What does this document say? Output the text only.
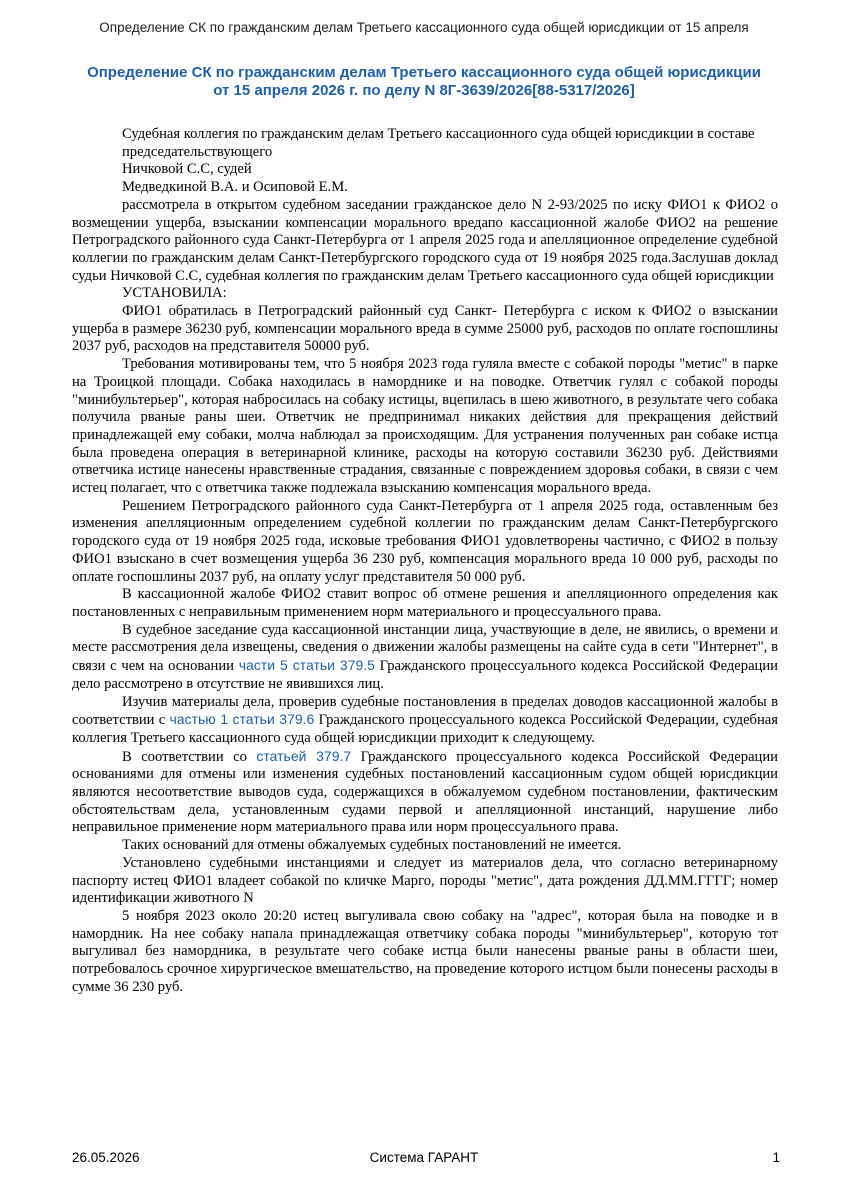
Определение СК по гражданским делам Третьего кассационного суда общей юрисдикции от 15 апреля
Определение СК по гражданским делам Третьего кассационного суда общей юрисдикции
от 15 апреля 2026 г. по делу N 8Г-3639/2026[88-5317/2026]

Судебная коллегия по гражданским делам Третьего кассационного суда общей юрисдикции в составе

председательствующего

Ничковой С.С, судей

Медведкиной В.А. и Осиповой Е.М.

рассмотрела в открытом судебном заседании гражданское дело N 2-93/2025 по иску ФИО1 к ФИО2 о возмещении ущерба, взыскании компенсации морального вредапо кассационной жалобе ФИО2 на решение Петроградского районного суда Санкт-Петербурга от 1 апреля 2025 года и апелляционное определение судебной коллегии по гражданским делам Санкт-Петербургского городского суда от 19 ноября 2025 года.Заслушав доклад судьи Ничковой С.С, судебная коллегия по гражданским делам Третьего кассационного суда общей юрисдикции

УСТАНОВИЛА:

ФИО1 обратилась в Петроградский районный суд Санкт- Петербурга с иском к ФИО2 о взыскании ущерба в размере 36230 руб, компенсации морального вреда в сумме 25000 руб, расходов по оплате госпошлины 2037 руб, расходов на представителя 50000 руб.

Требования мотивированы тем, что 5 ноября 2023 года гуляла вместе с собакой породы "метис" в парке на Троицкой площади. Собака находилась в наморднике и на поводке. Ответчик гулял с собакой породы "минибультерьер", которая набросилась на собаку истицы, вцепилась в шею животного, в результате чего собака получила рваные раны шеи. Ответчик не предпринимал никаких действия для прекращения действий принадлежащей ему собаки, молча наблюдал за происходящим. Для устранения полученных ран собаке истца была проведена операция в ветеринарной клинике, расходы на которую составили 36230 руб. Действиями ответчика истице нанесены нравственные страдания, связанные с повреждением здоровья собаки, в связи с чем истец полагает, что с ответчика также подлежала взысканию компенсация морального вреда.

Решением Петроградского районного суда Санкт-Петербурга от 1 апреля 2025 года, оставленным без изменения апелляционным определением судебной коллегии по гражданским делам Санкт-Петербургского городского суда от 19 ноября 2025 года, исковые требования ФИО1 удовлетворены частично, с ФИО2 в пользу ФИО1 взыскано в счет возмещения ущерба 36 230 руб, компенсация морального вреда 10 000 руб, расходы по оплате госпошлины 2037 руб, на оплату услуг представителя 50 000 руб.

В кассационной жалобе ФИО2 ставит вопрос об отмене решения и апелляционного определения как постановленных с неправильным применением норм материального и процессуального права.

В судебное заседание суда кассационной инстанции лица, участвующие в деле, не явились, о времени и месте рассмотрения дела извещены, сведения о движении жалобы размещены на сайте суда в сети "Интернет", в связи с чем на основании части 5 статьи 379.5 Гражданского процессуального кодекса Российской Федерации дело рассмотрено в отсутствие не явившихся лиц.

Изучив материалы дела, проверив судебные постановления в пределах доводов кассационной жалобы в соответствии с частью 1 статьи 379.6 Гражданского процессуального кодекса Российской Федерации, судебная коллегия Третьего кассационного суда общей юрисдикции приходит к следующему.

В соответствии со статьей 379.7 Гражданского процессуального кодекса Российской Федерации основаниями для отмены или изменения судебных постановлений кассационным судом общей юрисдикции являются несоответствие выводов суда, содержащихся в обжалуемом судебном постановлении, фактическим обстоятельствам дела, установленным судами первой и апелляционной инстанций, нарушение либо неправильное применение норм материального права или норм процессуального права.

Таких оснований для отмены обжалуемых судебных постановлений не имеется.

Установлено судебными инстанциями и следует из материалов дела, что согласно ветеринарному паспорту истец ФИО1 владеет собакой по кличке Марго, породы "метис", дата рождения ДД.ММ.ГГГГ; номер идентификации животного N

5 ноября 2023 около 20:20 истец выгуливала свою собаку на "адрес", которая была на поводке и в намордник. На нее собаку напала принадлежащая ответчику собака породы "минибультерьер", которую тот выгуливал без намордника, в результате чего собаке истца были нанесены рваные раны в области шеи, потребовалось срочное хирургическое вмешательство, на проведение которого истцом были понесены расходы в сумме 36 230 руб.

26.05.2026	Система ГАРАНТ	1
